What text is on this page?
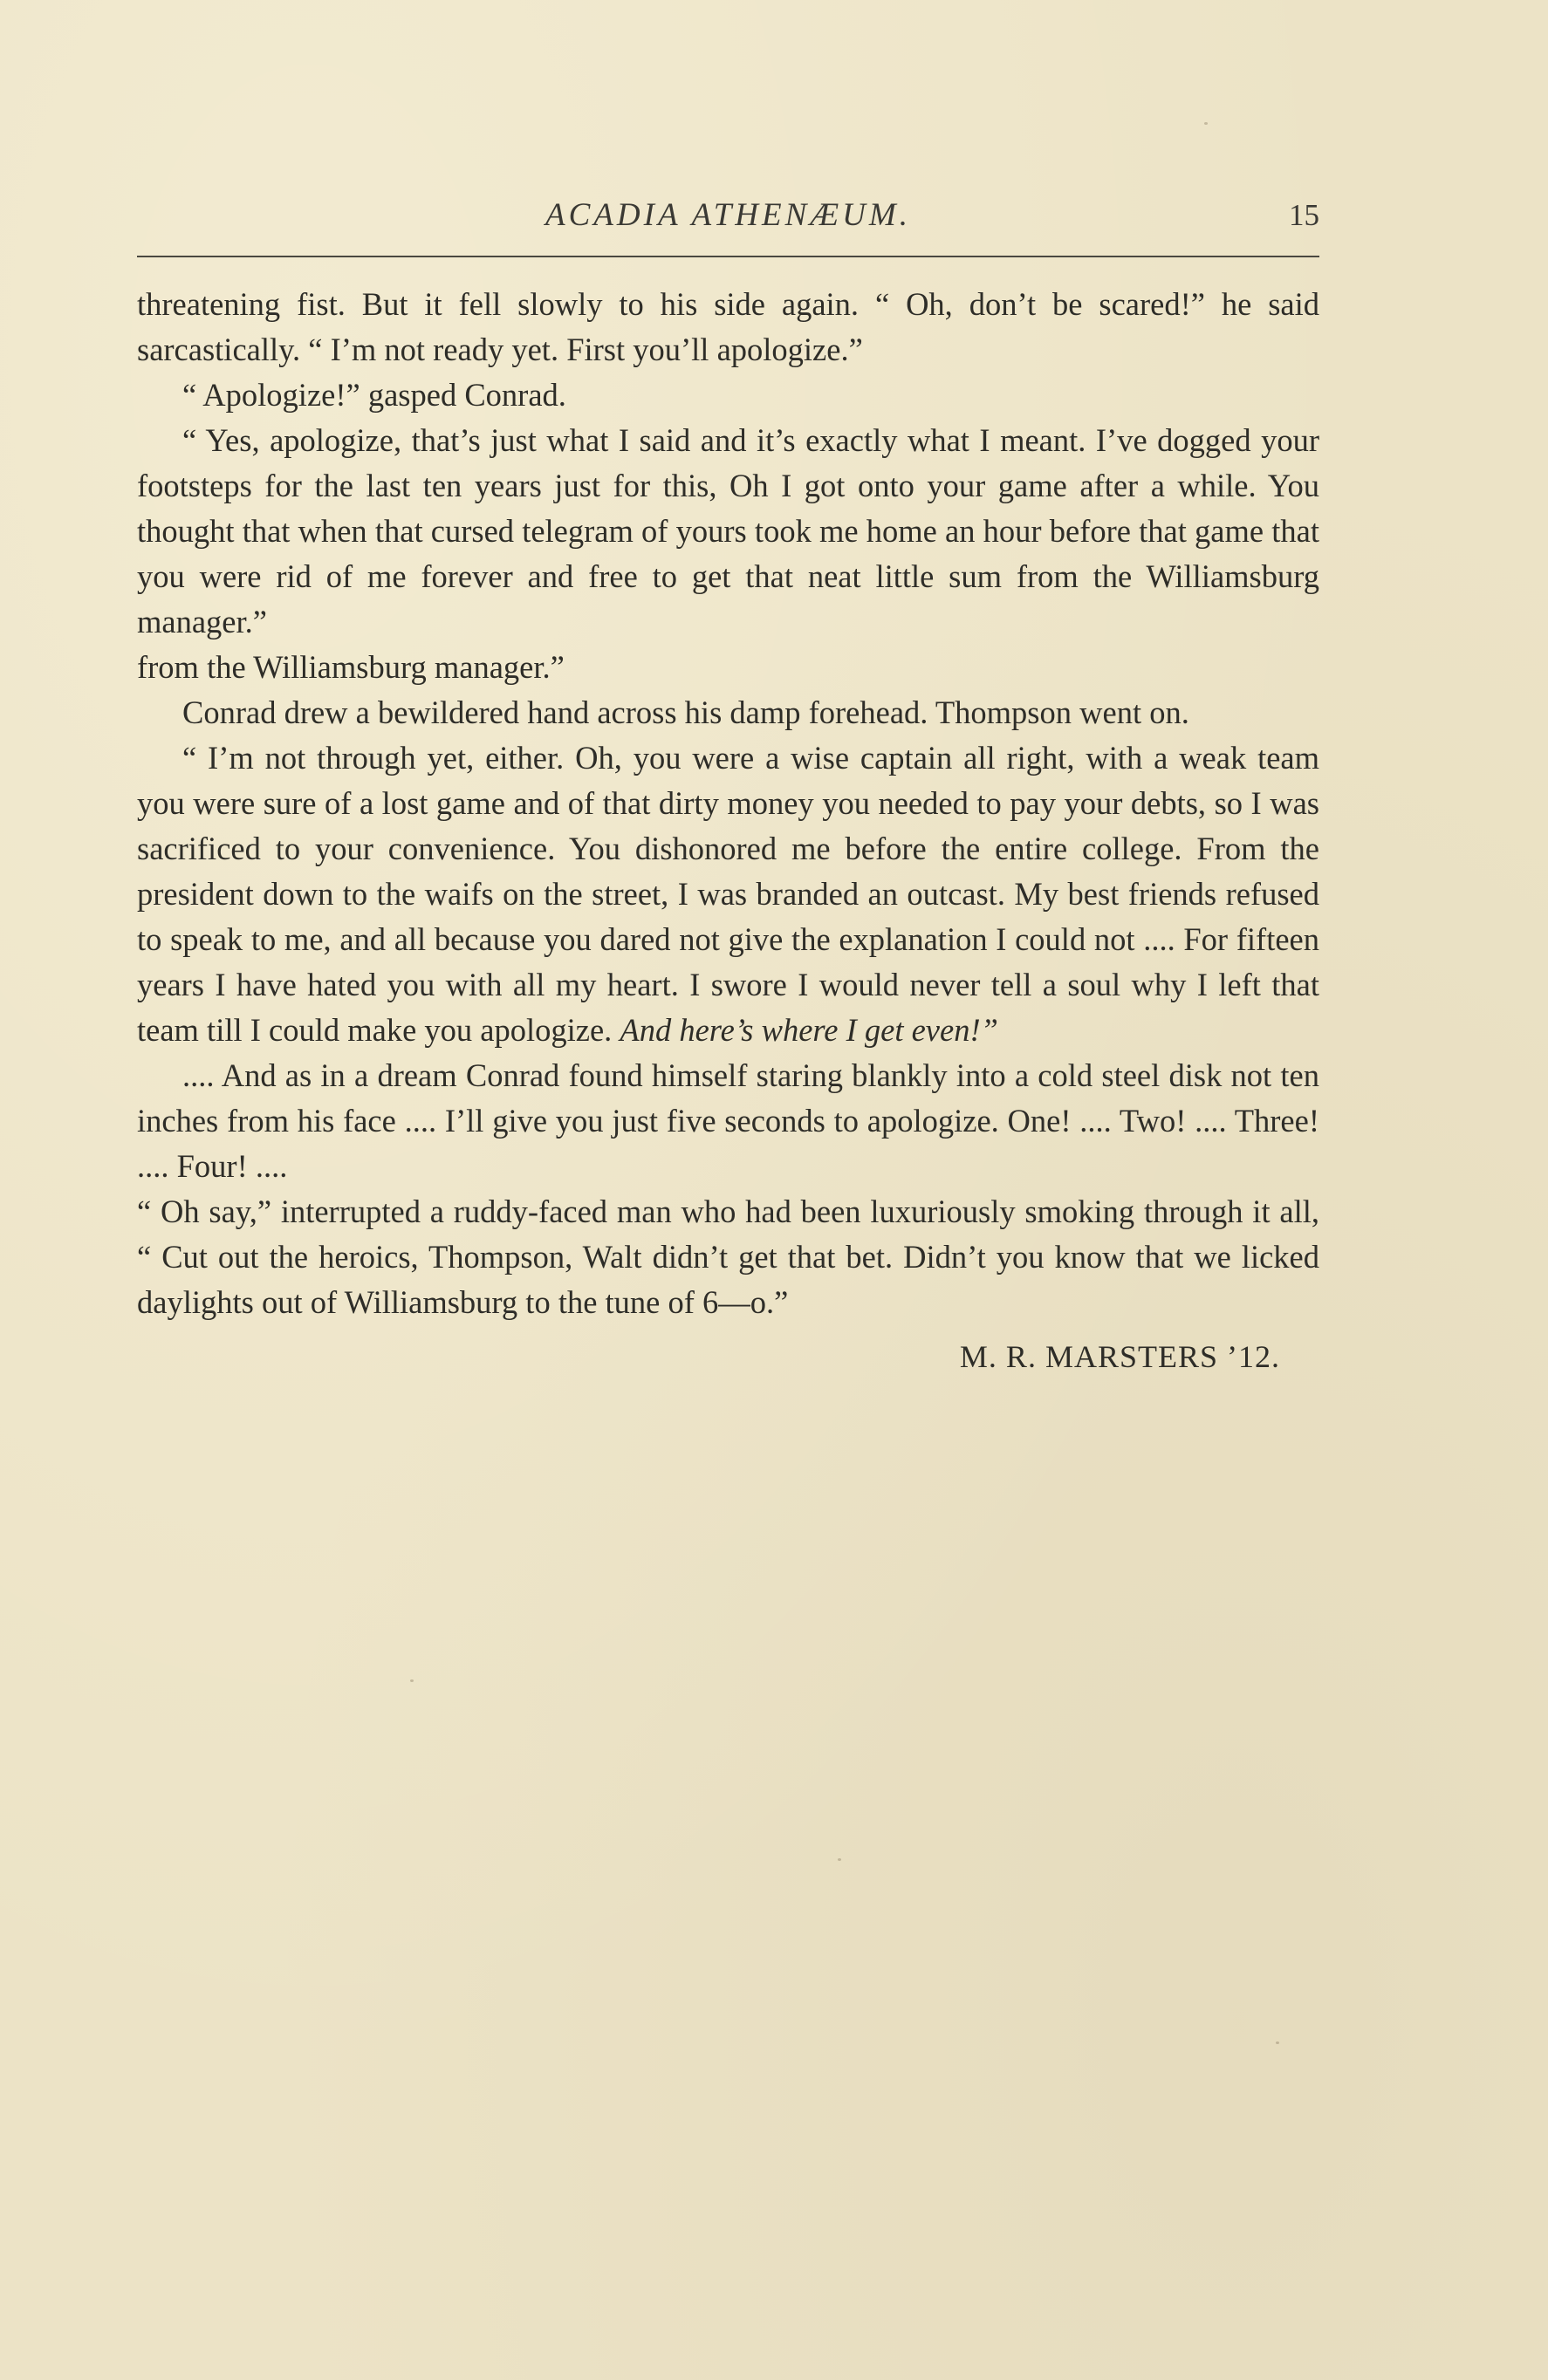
ACADIA ATHENÆUM.	15

threatening fist. But it fell slowly to his side again. “ Oh, don’t be scared!” he said sarcastically. “ I’m not ready yet. First you’ll apologize.”

“ Apologize!” gasped Conrad.

“ Yes, apologize, that’s just what I said and it’s exactly what I meant. I’ve dogged your footsteps for the last ten years just for this, Oh I got onto your game after a while. You thought that when that cursed telegram of yours took me home an hour before that game that you were rid of me forever and free to get that neat little sum from the Williamsburg manager.”

from the Williamsburg manager.”

Conrad drew a bewildered hand across his damp forehead. Thompson went on.

“ I’m not through yet, either. Oh, you were a wise captain all right, with a weak team you were sure of a lost game and of that dirty money you needed to pay your debts, so I was sacrificed to your convenience. You dishonored me before the entire college. From the president down to the waifs on the street, I was branded an outcast. My best friends refused to speak to me, and all because you dared not give the explanation I could not .... For fifteen years I have hated you with all my heart. I swore I would never tell a soul why I left that team till I could make you apologize. And here’s where I get even!”

.... And as in a dream Conrad found himself staring blankly into a cold steel disk not ten inches from his face .... I’ll give you just five seconds to apologize. One! .... Two! .... Three! .... Four! ....

“ Oh say,” interrupted a ruddy-faced man who had been luxuriously smoking through it all, “ Cut out the heroics, Thompson, Walt didn’t get that bet. Didn’t you know that we licked daylights out of Williamsburg to the tune of 6—o.”

M. R. MARSTERS ’12.
